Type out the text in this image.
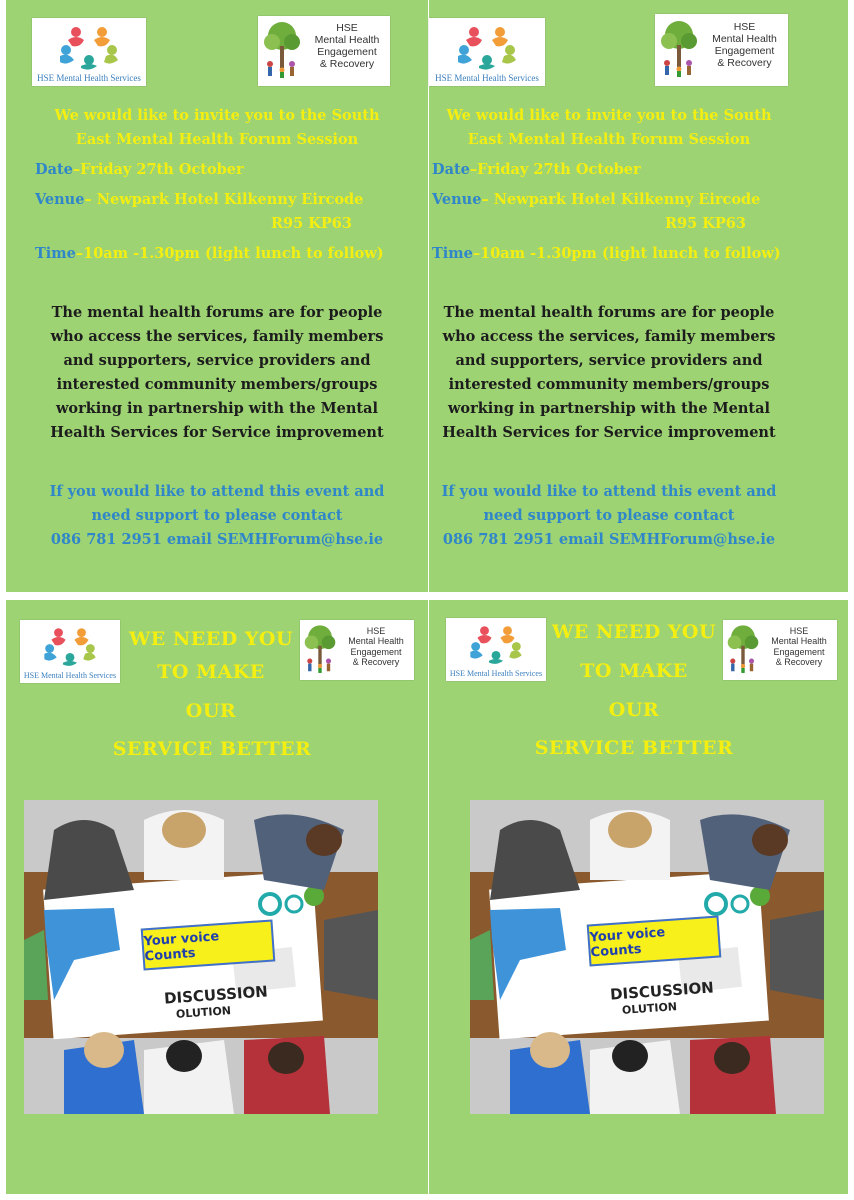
HSE Mental Health Services
HSE
Mental Health
Engagement
& Recovery
We would like to invite you to the South
East Mental Health Forum Session
Date–Friday 27th October
Venue– Newpark Hotel Kilkenny Eircode
R95 KP63
Time–10am -1.30pm (light lunch to follow)
The mental health forums are for people
who access the services, family members
and supporters, service providers and
interested community members/groups
working in partnership with the Mental
Health Services for Service improvement
If you would like to attend this event and
need support to please contact
086 781 2951 email SEMHForum@hse.ie
HSE Mental Health Services
HSE
Mental Health
Engagement
& Recovery
We would like to invite you to the South
East Mental Health Forum Session
Date–Friday 27th October
Venue– Newpark Hotel Kilkenny Eircode
R95 KP63
Time–10am -1.30pm (light lunch to follow)
The mental health forums are for people
who access the services, family members
and supporters, service providers and
interested community members/groups
working in partnership with the Mental
Health Services for Service improvement
If you would like to attend this event and
need support to please contact
086 781 2951 email SEMHForum@hse.ie
HSE Mental Health Services
HSE
Mental Health
Engagement
& Recovery
WE NEED YOU
TO MAKE
OUR
SERVICE BETTER
Your voice Counts
DISCUSSION
OLUTION
HSE Mental Health Services
HSE
Mental Health
Engagement
& Recovery
WE NEED YOU
TO MAKE
OUR
SERVICE BETTER
Your voice Counts
DISCUSSION
OLUTION
